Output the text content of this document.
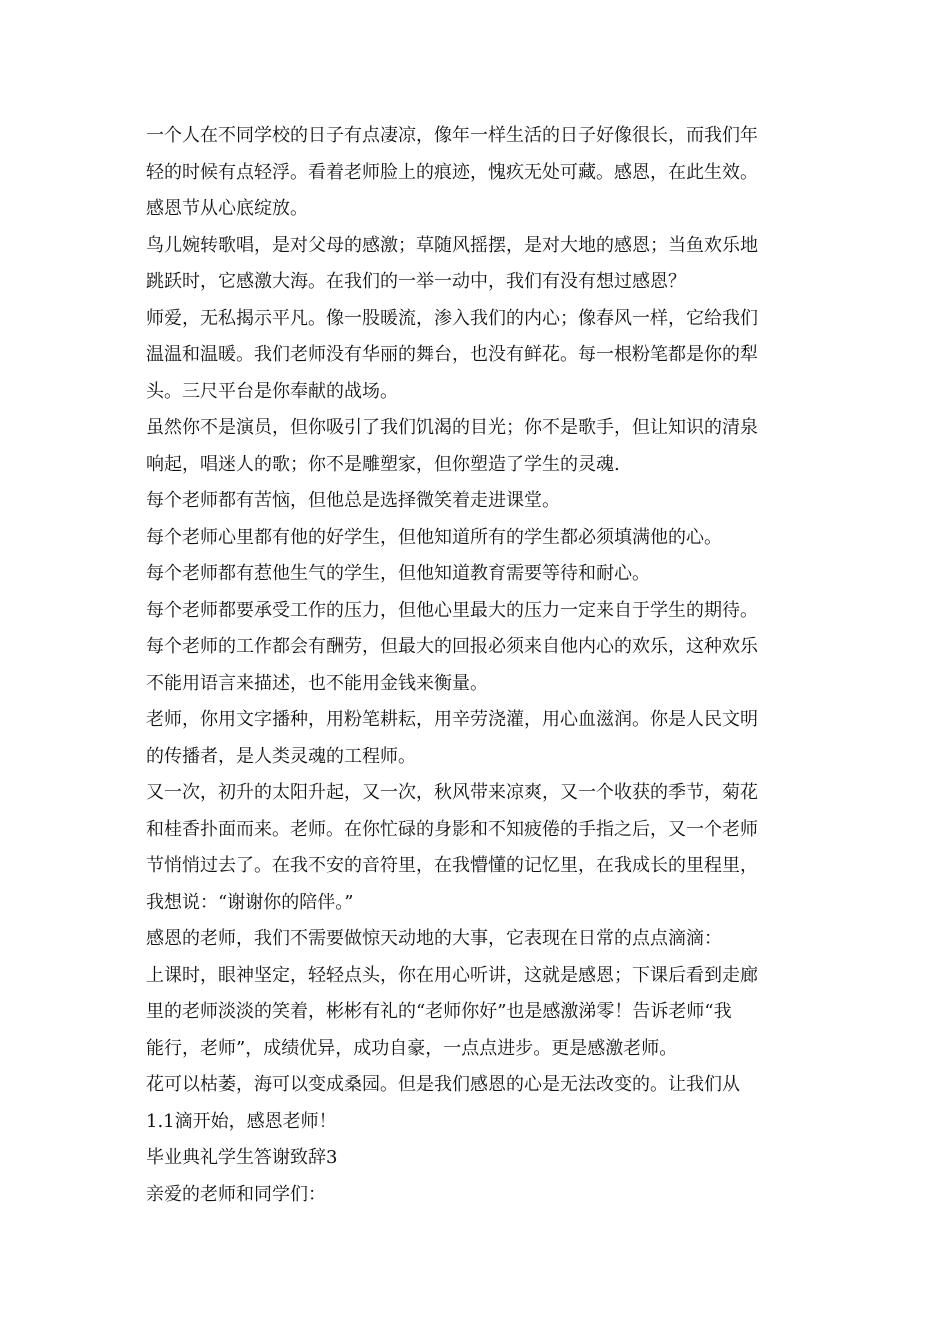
一个人在不同学校的日子有点凄凉，像年一样生活的日子好像很长，而我们年
轻的时候有点轻浮。看着老师脸上的痕迹，愧疚无处可藏。感恩，在此生效。
感恩节从心底绽放。
鸟儿婉转歌唱，是对父母的感激；草随风摇摆，是对大地的感恩；当鱼欢乐地
跳跃时，它感激大海。在我们的一举一动中，我们有没有想过感恩？
师爱，无私揭示平凡。像一股暖流，渗入我们的内心；像春风一样，它给我们
温温和温暖。我们老师没有华丽的舞台，也没有鲜花。每一根粉笔都是你的犁
头。三尺平台是你奉献的战场。
虽然你不是演员，但你吸引了我们饥渴的目光；你不是歌手，但让知识的清泉
响起，唱迷人的歌；你不是雕塑家，但你塑造了学生的灵魂.
每个老师都有苦恼，但他总是选择微笑着走进课堂。
每个老师心里都有他的好学生，但他知道所有的学生都必须填满他的心。
每个老师都有惹他生气的学生，但他知道教育需要等待和耐心。
每个老师都要承受工作的压力，但他心里最大的压力一定来自于学生的期待。
每个老师的工作都会有酬劳，但最大的回报必须来自他内心的欢乐，这种欢乐
不能用语言来描述，也不能用金钱来衡量。
老师，你用文字播种，用粉笔耕耘，用辛劳浇灌，用心血滋润。你是人民文明
的传播者，是人类灵魂的工程师。
又一次，初升的太阳升起，又一次，秋风带来凉爽，又一个收获的季节，菊花
和桂香扑面而来。老师。在你忙碌的身影和不知疲倦的手指之后，又一个老师
节悄悄过去了。在我不安的音符里，在我懵懂的记忆里，在我成长的里程里，
我想说：“谢谢你的陪伴。”
感恩的老师，我们不需要做惊天动地的大事，它表现在日常的点点滴滴：
上课时，眼神坚定，轻轻点头，你在用心听讲，这就是感恩；下课后看到走廊
里的老师淡淡的笑着，彬彬有礼的“老师你好”也是感激涕零！告诉老师“我
能行，老师”，成绩优异，成功自豪，一点点进步。更是感激老师。
花可以枯萎，海可以变成桑园。但是我们感恩的心是无法改变的。让我们从
1.1滴开始，感恩老师！
毕业典礼学生答谢致辞3
亲爱的老师和同学们：
